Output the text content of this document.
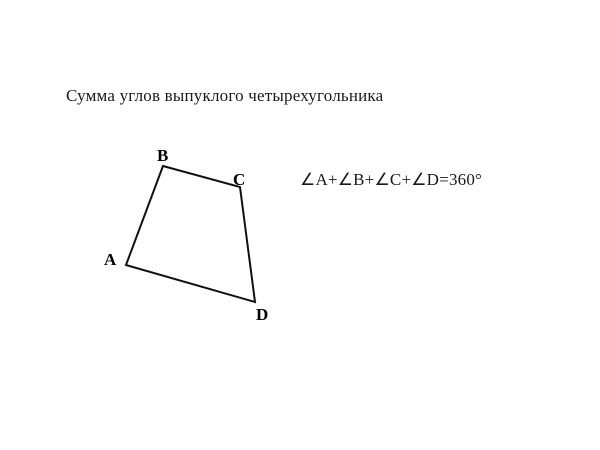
Сумма углов выпуклого четырехугольника
∠A+∠B+∠C+∠D=360°
A
B
C
D
